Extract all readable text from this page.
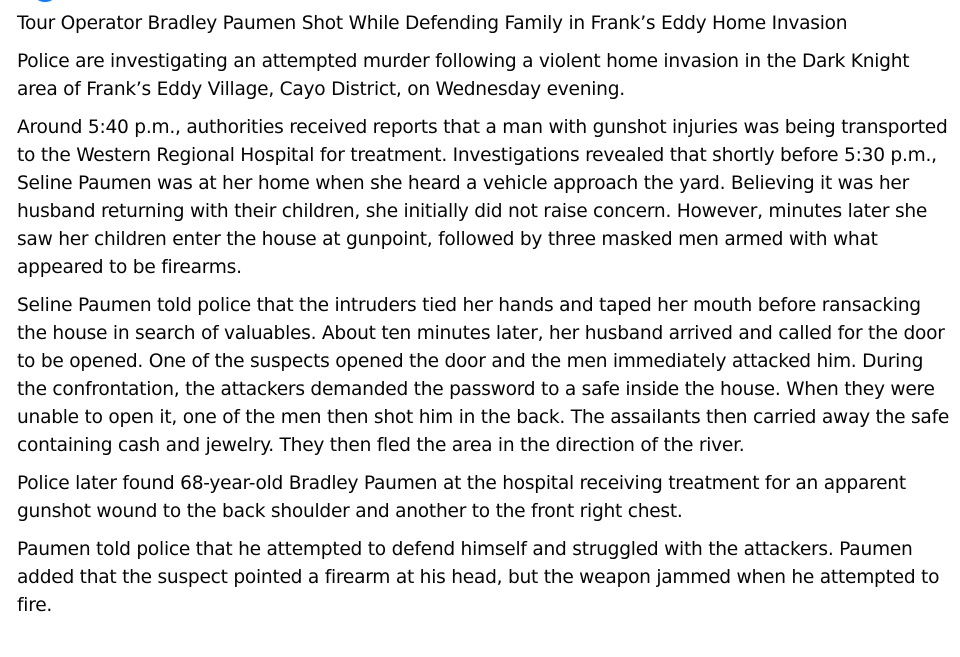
Tour Operator Bradley Paumen Shot While Defending Family in Frank’s Eddy Home Invasion

Police are investigating an attempted murder following a violent home invasion in the Dark Knight area of Frank’s Eddy Village, Cayo District, on Wednesday evening.

Around 5:40 p.m., authorities received reports that a man with gunshot injuries was being transported to the Western Regional Hospital for treatment. Investigations revealed that shortly before 5:30 p.m., Seline Paumen was at her home when she heard a vehicle approach the yard. Believing it was her husband returning with their children, she initially did not raise concern. However, minutes later she saw her children enter the house at gunpoint, followed by three masked men armed with what appeared to be firearms.

Seline Paumen told police that the intruders tied her hands and taped her mouth before ransacking the house in search of valuables. About ten minutes later, her husband arrived and called for the door to be opened. One of the suspects opened the door and the men immediately attacked him. During the confrontation, the attackers demanded the password to a safe inside the house. When they were unable to open it, one of the men then shot him in the back. The assailants then carried away the safe containing cash and jewelry. They then fled the area in the direction of the river.

Police later found 68-year-old Bradley Paumen at the hospital receiving treatment for an apparent gunshot wound to the back shoulder and another to the front right chest.

Paumen told police that he attempted to defend himself and struggled with the attackers. Paumen added that the suspect pointed a firearm at his head, but the weapon jammed when he attempted to fire.
